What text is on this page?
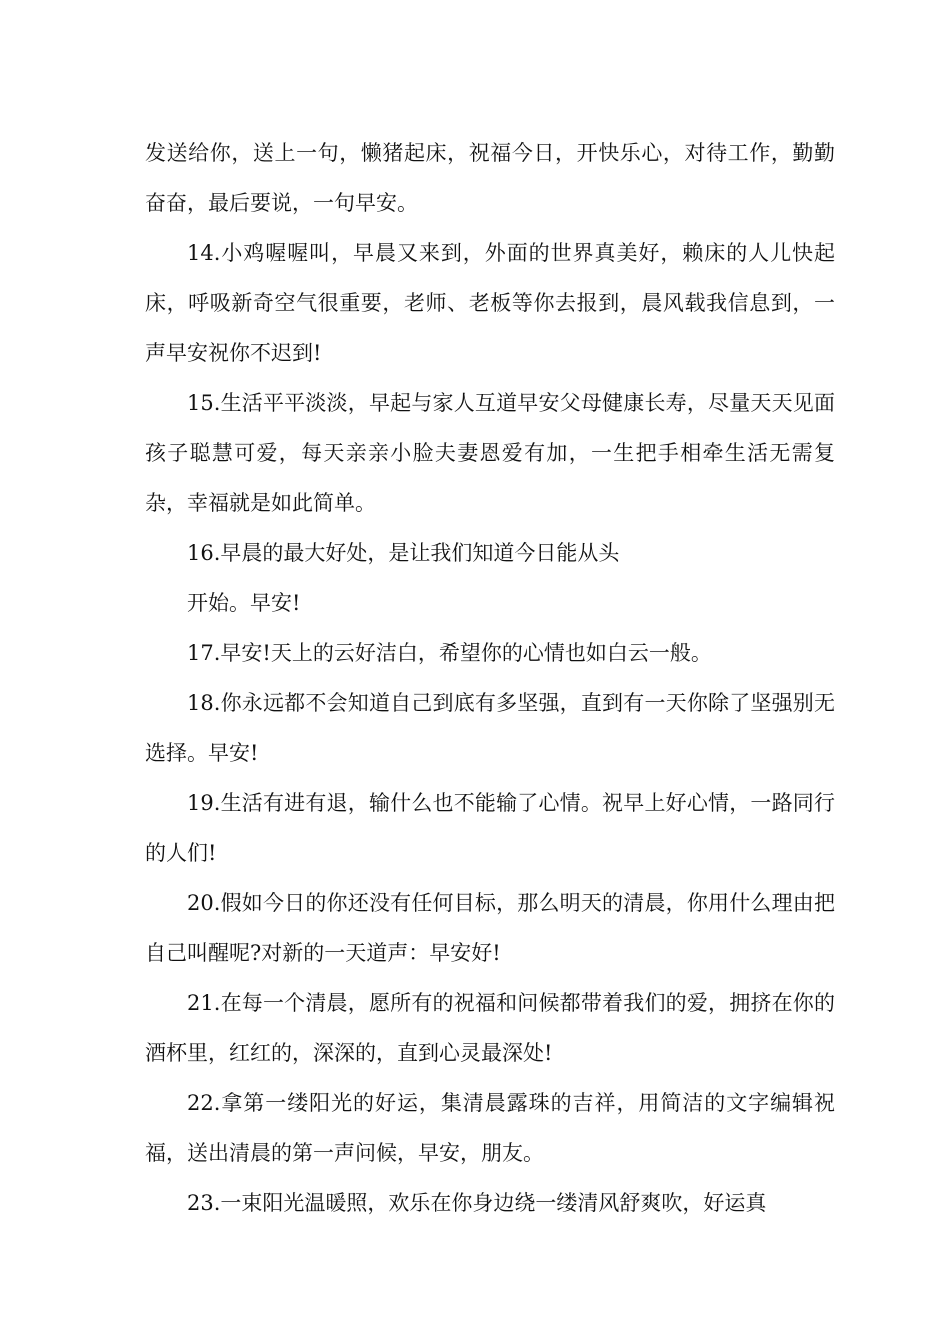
发送给你，送上一句，懒猪起床，祝福今日，开快乐心，对待工作，勤勤奋奋，最后要说，一句早安。

14.小鸡喔喔叫，早晨又来到，外面的世界真美好，赖床的人儿快起床，呼吸新奇空气很重要，老师、老板等你去报到，晨风载我信息到，一声早安祝你不迟到!

15.生活平平淡淡，早起与家人互道早安父母健康长寿，尽量天天见面孩子聪慧可爱，每天亲亲小脸夫妻恩爱有加，一生把手相牵生活无需复杂，幸福就是如此简单。

16.早晨的最大好处，是让我们知道今日能从头

开始。早安!

17.早安!天上的云好洁白，希望你的心情也如白云一般。

18.你永远都不会知道自己到底有多坚强，直到有一天你除了坚强别无选择。早安!

19.生活有进有退，输什么也不能输了心情。祝早上好心情，一路同行的人们!

20.假如今日的你还没有任何目标，那么明天的清晨，你用什么理由把自己叫醒呢?对新的一天道声：早安好!

21.在每一个清晨，愿所有的祝福和问候都带着我们的爱，拥挤在你的酒杯里，红红的，深深的，直到心灵最深处!

22.拿第一缕阳光的好运，集清晨露珠的吉祥，用简洁的文字编辑祝福，送出清晨的第一声问候，早安，朋友。

23.一束阳光温暖照，欢乐在你身边绕一缕清风舒爽吹，好运真
